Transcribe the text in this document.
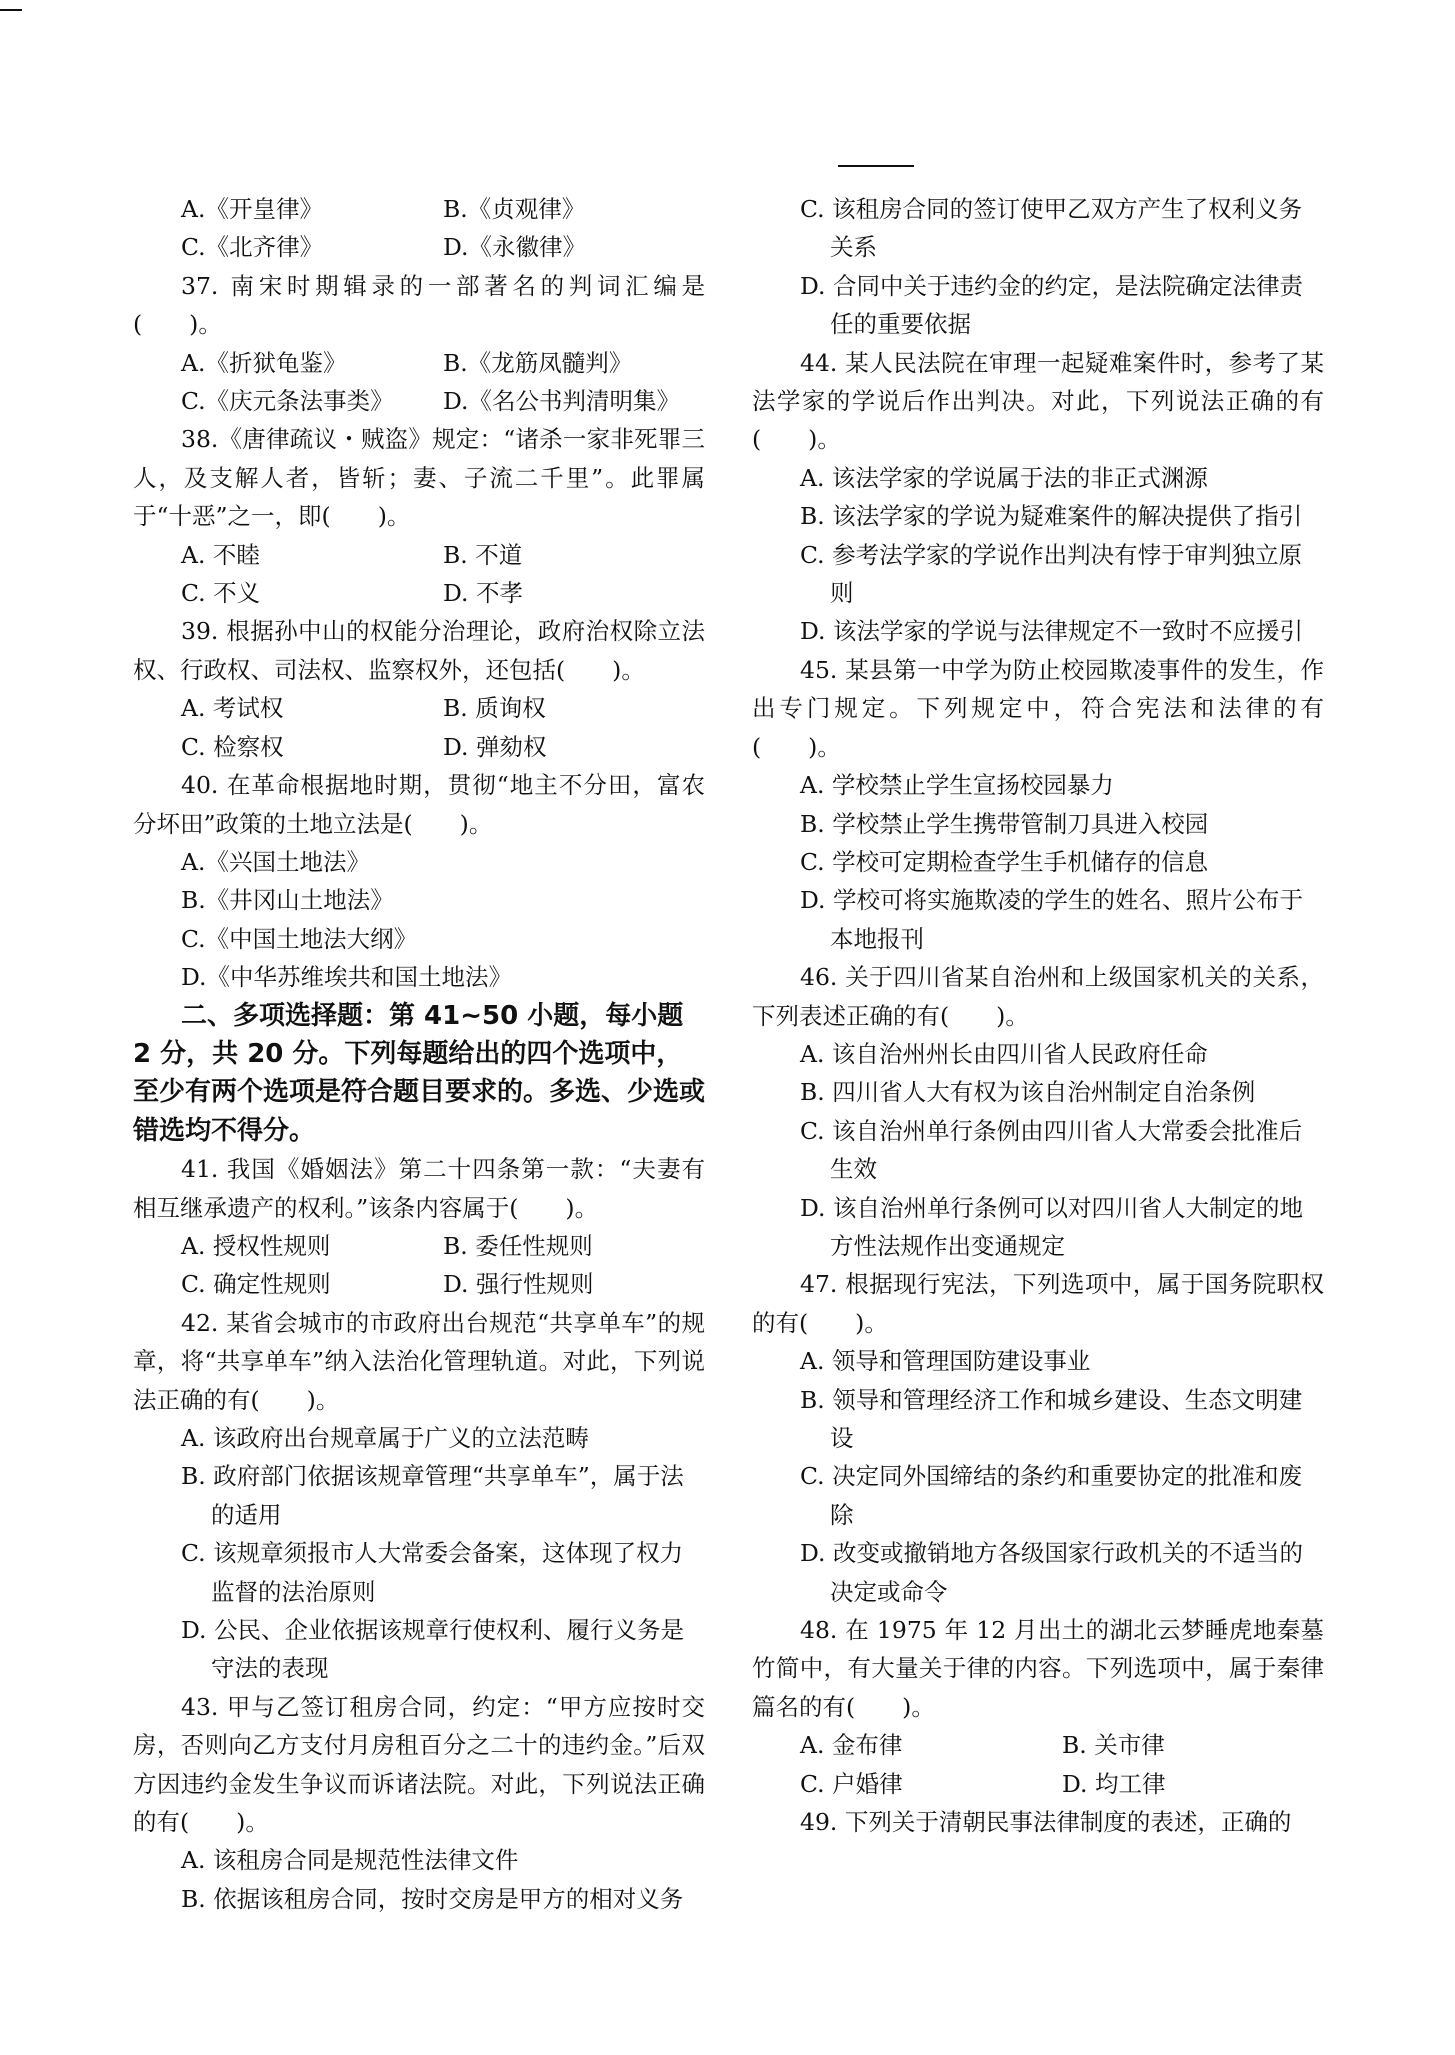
A.《开皇律》	B.《贞观律》
C.《北齐律》	D.《永徽律》
37. 南宋时期辑录的一部著名的判词汇编是(　　)。
A.《折狱龟鉴》	B.《龙筋凤髓判》
C.《庆元条法事类》	D.《名公书判清明集》
38.《唐律疏议・贼盗》规定：“诸杀一家非死罪三人，及支解人者，皆斩；妻、子流二千里”。此罪属于“十恶”之一，即(　　)。
A. 不睦	B. 不道
C. 不义	D. 不孝
39. 根据孙中山的权能分治理论，政府治权除立法权、行政权、司法权、监察权外，还包括(　　)。
A. 考试权	B. 质询权
C. 检察权	D. 弹劾权
40. 在革命根据地时期，贯彻“地主不分田，富农分坏田”政策的土地立法是(　　)。
A.《兴国土地法》
B.《井冈山土地法》
C.《中国土地法大纲》
D.《中华苏维埃共和国土地法》
二、多项选择题：第 41~50 小题，每小题 2 分，共 20 分。下列每题给出的四个选项中，至少有两个选项是符合题目要求的。多选、少选或错选均不得分。
41. 我国《婚姻法》第二十四条第一款：“夫妻有相互继承遗产的权利。”该条内容属于(　　)。
A. 授权性规则	B. 委任性规则
C. 确定性规则	D. 强行性规则
42. 某省会城市的市政府出台规范“共享单车”的规章，将“共享单车”纳入法治化管理轨道。对此，下列说法正确的有(　　)。
A. 该政府出台规章属于广义的立法范畴
B. 政府部门依据该规章管理“共享单车”，属于法的适用
C. 该规章须报市人大常委会备案，这体现了权力监督的法治原则
D. 公民、企业依据该规章行使权利、履行义务是守法的表现
43. 甲与乙签订租房合同，约定：“甲方应按时交房，否则向乙方支付月房租百分之二十的违约金。”后双方因违约金发生争议而诉诸法院。对此，下列说法正确的有(　　)。
A. 该租房合同是规范性法律文件
B. 依据该租房合同，按时交房是甲方的相对义务
C. 该租房合同的签订使甲乙双方产生了权利义务关系
D. 合同中关于违约金的约定，是法院确定法律责任的重要依据
44. 某人民法院在审理一起疑难案件时，参考了某法学家的学说后作出判决。对此，下列说法正确的有(　　)。
A. 该法学家的学说属于法的非正式渊源
B. 该法学家的学说为疑难案件的解决提供了指引
C. 参考法学家的学说作出判决有悖于审判独立原则
D. 该法学家的学说与法律规定不一致时不应援引
45. 某县第一中学为防止校园欺凌事件的发生，作出专门规定。下列规定中，符合宪法和法律的有(　　)。
A. 学校禁止学生宣扬校园暴力
B. 学校禁止学生携带管制刀具进入校园
C. 学校可定期检查学生手机储存的信息
D. 学校可将实施欺凌的学生的姓名、照片公布于本地报刊
46. 关于四川省某自治州和上级国家机关的关系，下列表述正确的有(　　)。
A. 该自治州州长由四川省人民政府任命
B. 四川省人大有权为该自治州制定自治条例
C. 该自治州单行条例由四川省人大常委会批准后生效
D. 该自治州单行条例可以对四川省人大制定的地方性法规作出变通规定
47. 根据现行宪法，下列选项中，属于国务院职权的有(　　)。
A. 领导和管理国防建设事业
B. 领导和管理经济工作和城乡建设、生态文明建设
C. 决定同外国缔结的条约和重要协定的批准和废除
D. 改变或撤销地方各级国家行政机关的不适当的决定或命令
48. 在 1975 年 12 月出土的湖北云梦睡虎地秦墓竹简中，有大量关于律的内容。下列选项中，属于秦律篇名的有(　　)。
A. 金布律	B. 关市律
C. 户婚律	D. 均工律
49. 下列关于清朝民事法律制度的表述，正确的
